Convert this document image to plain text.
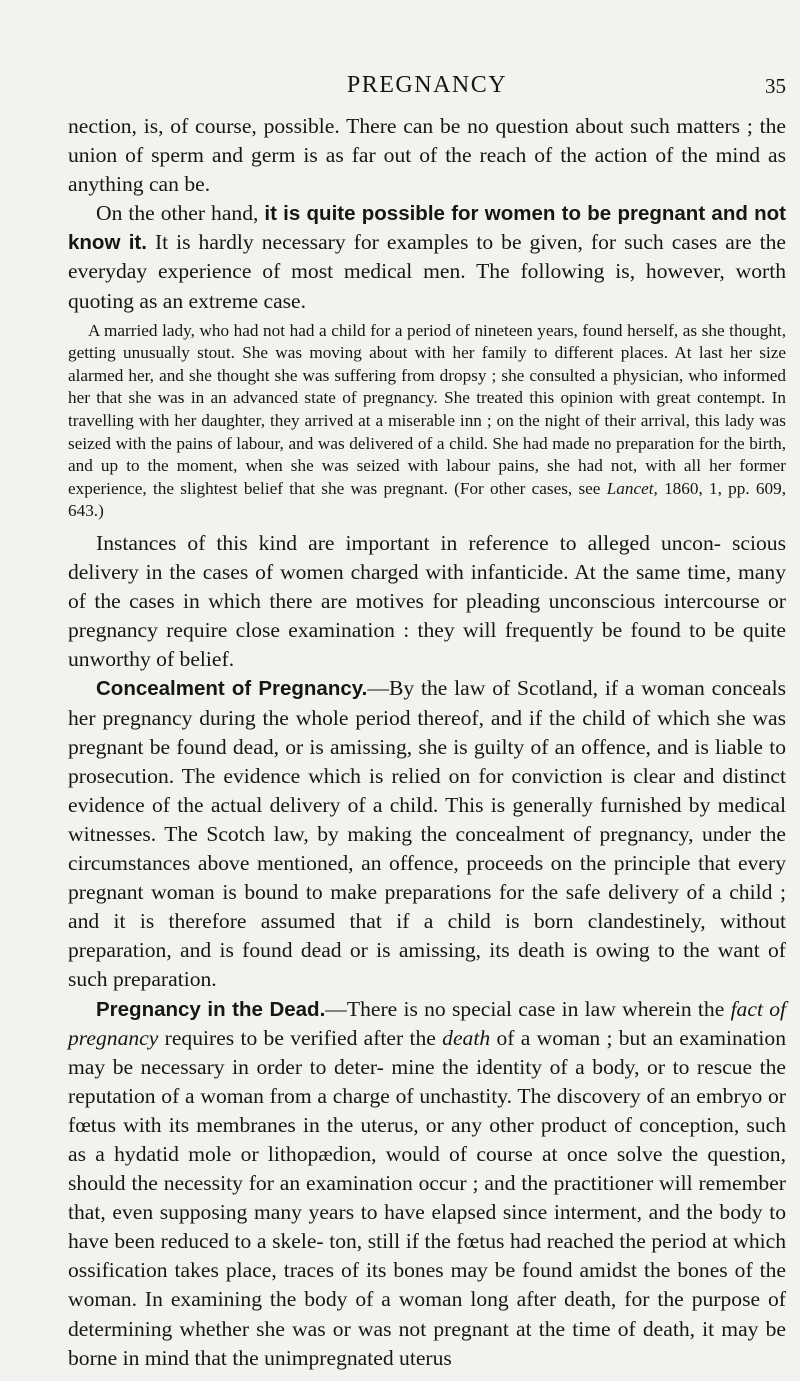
PREGNANCY	35

nection, is, of course, possible. There can be no question about such matters ; the union of sperm and germ is as far out of the reach of the action of the mind as anything can be.

On the other hand, it is quite possible for women to be pregnant and not know it. It is hardly necessary for examples to be given, for such cases are the everyday experience of most medical men. The following is, however, worth quoting as an extreme case.

A married lady, who had not had a child for a period of nineteen years, found herself, as she thought, getting unusually stout. She was moving about with her family to different places. At last her size alarmed her, and she thought she was suffering from dropsy ; she consulted a physician, who informed her that she was in an advanced state of pregnancy. She treated this opinion with great contempt. In travelling with her daughter, they arrived at a miserable inn ; on the night of their arrival, this lady was seized with the pains of labour, and was delivered of a child. She had made no preparation for the birth, and up to the moment, when she was seized with labour pains, she had not, with all her former experience, the slightest belief that she was pregnant. (For other cases, see Lancet, 1860, 1, pp. 609, 643.)

Instances of this kind are important in reference to alleged uncon- scious delivery in the cases of women charged with infanticide. At the same time, many of the cases in which there are motives for pleading unconscious intercourse or pregnancy require close examination : they will frequently be found to be quite unworthy of belief.

Concealment of Pregnancy.—By the law of Scotland, if a woman conceals her pregnancy during the whole period thereof, and if the child of which she was pregnant be found dead, or is amissing, she is guilty of an offence, and is liable to prosecution. The evidence which is relied on for conviction is clear and distinct evidence of the actual delivery of a child. This is generally furnished by medical witnesses. The Scotch law, by making the concealment of pregnancy, under the circumstances above mentioned, an offence, proceeds on the principle that every pregnant woman is bound to make preparations for the safe delivery of a child ; and it is therefore assumed that if a child is born clandestinely, without preparation, and is found dead or is amissing, its death is owing to the want of such preparation.

Pregnancy in the Dead.—There is no special case in law wherein the fact of pregnancy requires to be verified after the death of a woman ; but an examination may be necessary in order to deter- mine the identity of a body, or to rescue the reputation of a woman from a charge of unchastity. The discovery of an embryo or fœtus with its membranes in the uterus, or any other product of conception, such as a hydatid mole or lithopædion, would of course at once solve the question, should the necessity for an examination occur ; and the practitioner will remember that, even supposing many years to have elapsed since interment, and the body to have been reduced to a skele- ton, still if the fœtus had reached the period at which ossification takes place, traces of its bones may be found amidst the bones of the woman. In examining the body of a woman long after death, for the purpose of determining whether she was or was not pregnant at the time of death, it may be borne in mind that the unimpregnated uterus
